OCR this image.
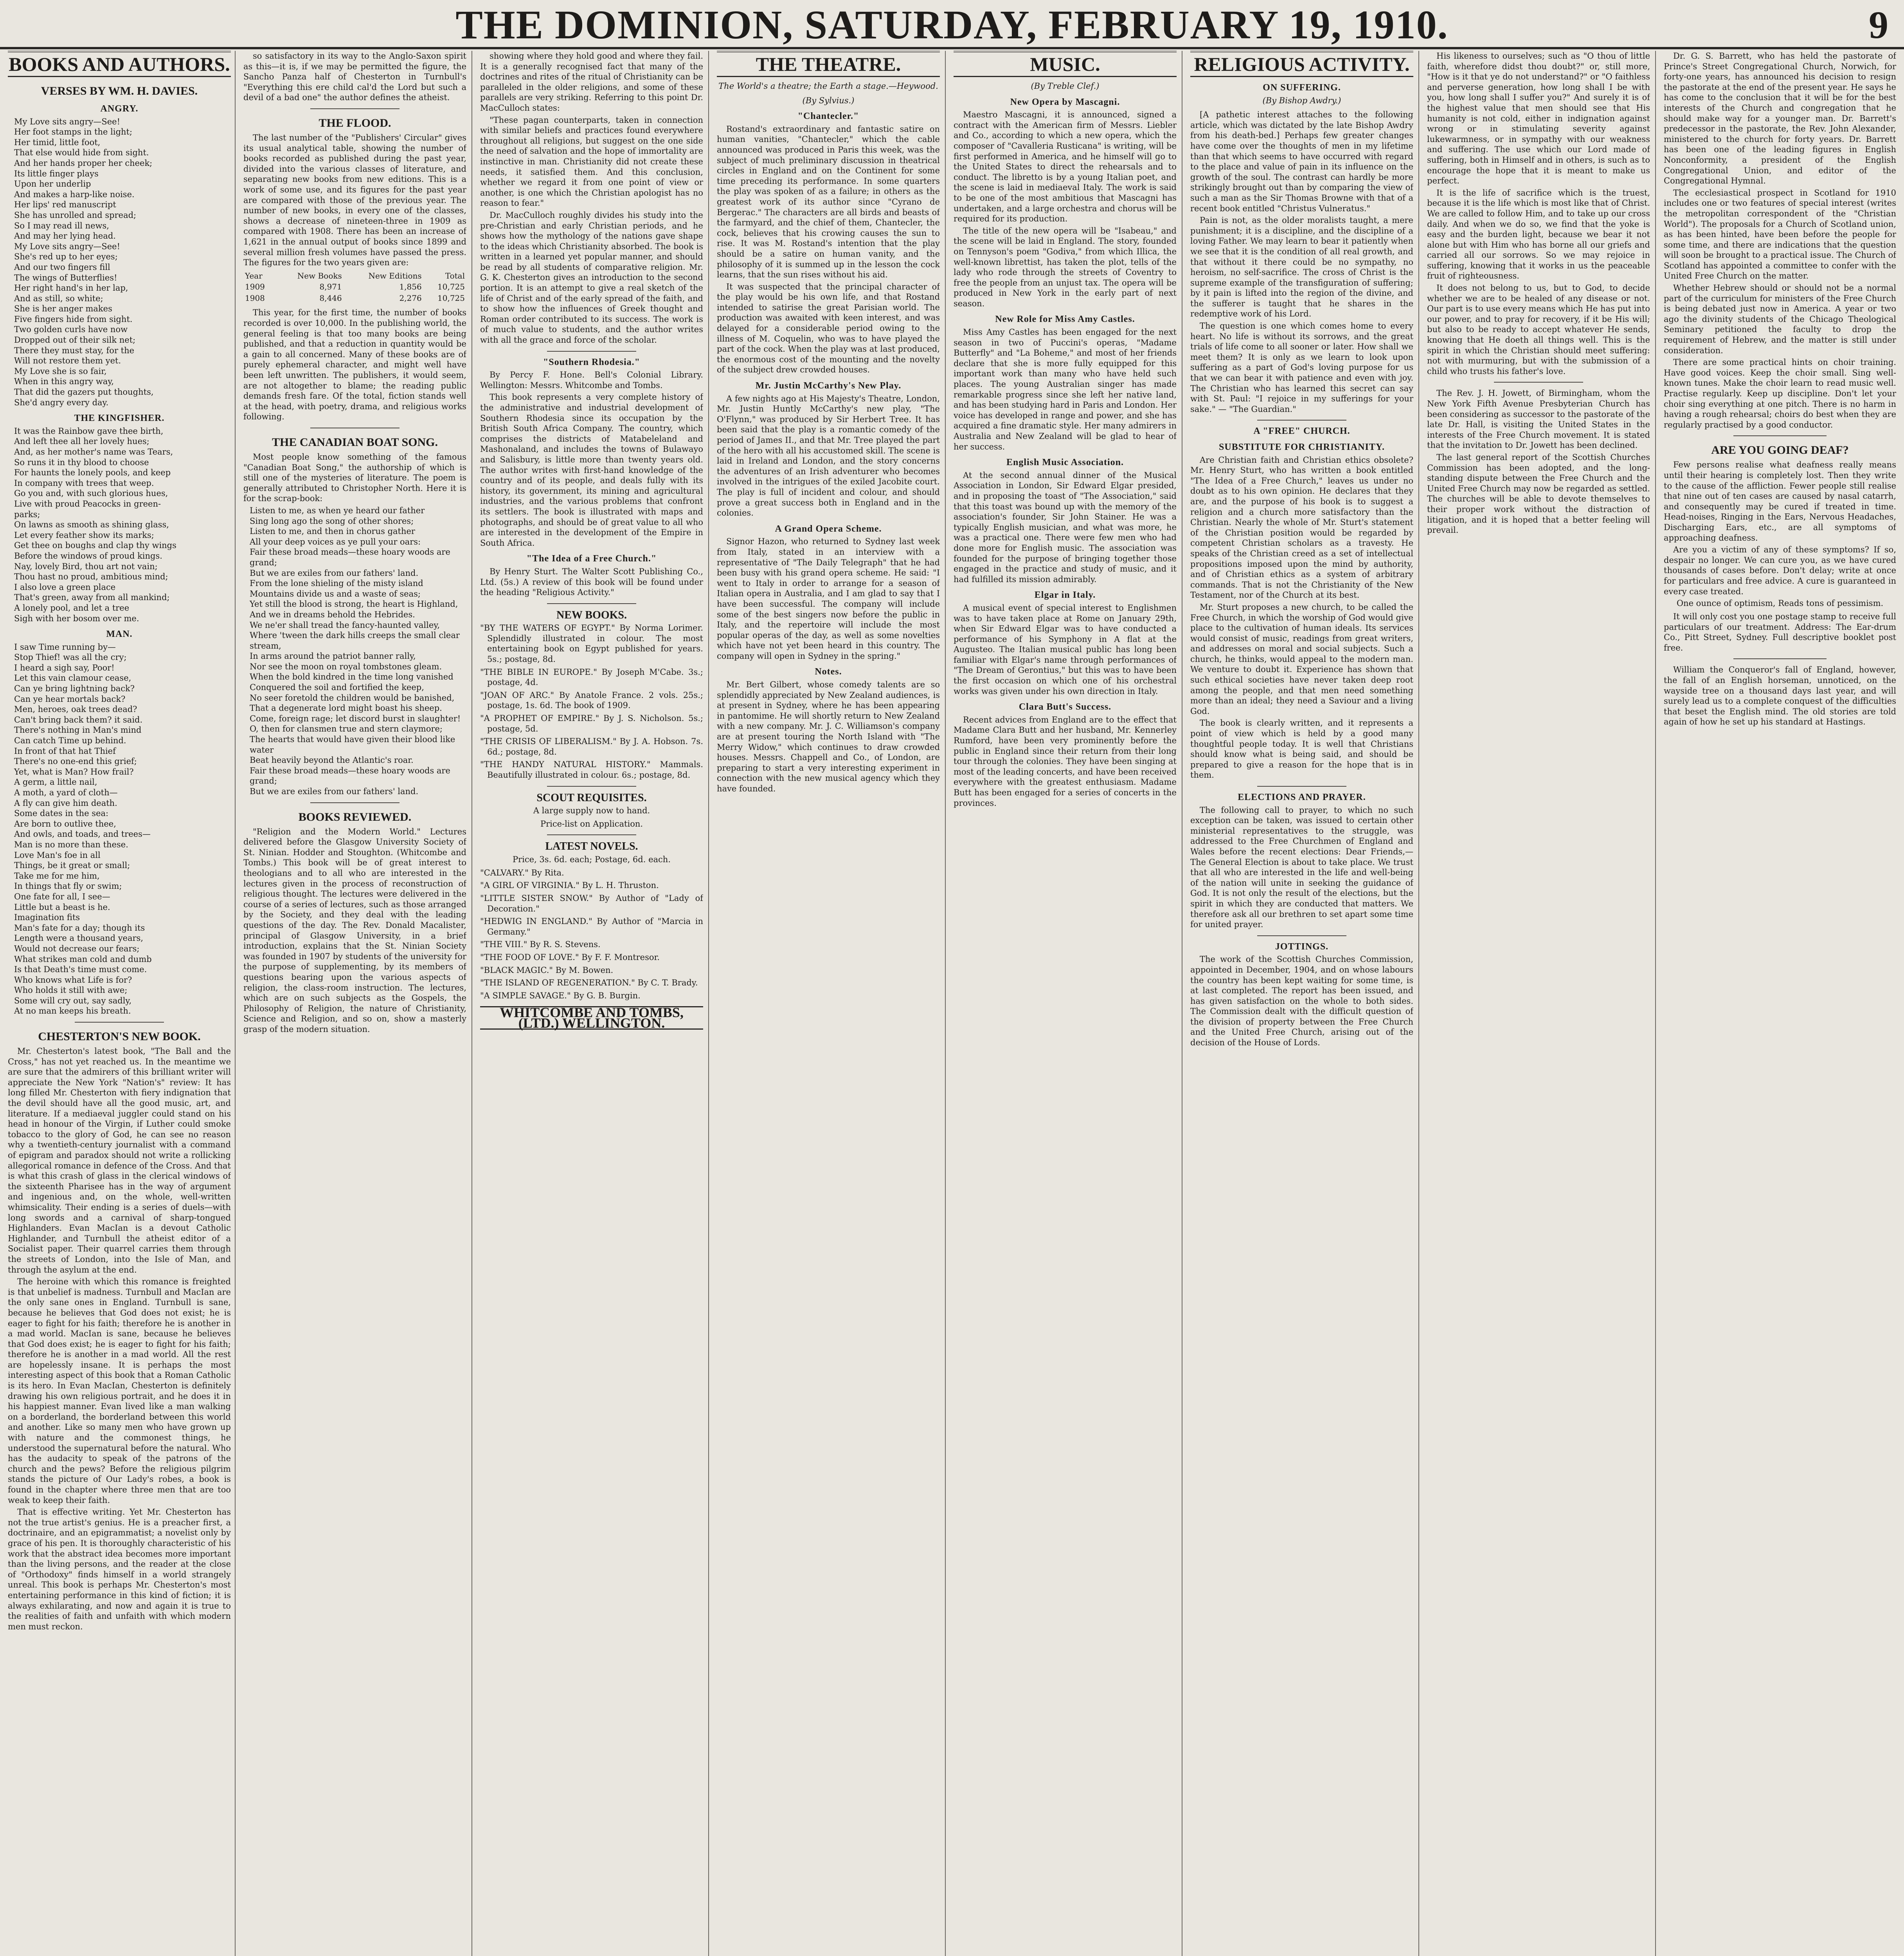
THE DOMINION, SATURDAY, FEBRUARY 19, 1910.	9
BOOKS AND AUTHORS.
VERSES BY WM. H. DAVIES.
ANGRY.
My Love sits angry—See!
Her foot stamps in the light;
Her timid, little foot,
That else would hide from sight.
And her hands proper her cheek;
Its little finger plays
Upon her underlip
And makes a harp-like noise.
Her lips' red manuscript
She has unrolled and spread;
So I may read ill news,
And may her lying head.
My Love sits angry—See!
She's red up to her eyes;
And our two fingers fill
The wings of Butterflies!
Her right hand's in her lap,
And as still, so white;
She is her anger makes
Five fingers hide from sight.
Two golden curls have now
Dropped out of their silk net;
There they must stay, for the
Will not restore them yet.
My Love she is so fair,
When in this angry way,
That did the gazers put thoughts,
She'd angry every day.
THE KINGFISHER.
It was the Rainbow gave thee birth,
And left thee all her lovely hues;
And, as her mother's name was Tears,
So runs it in thy blood to choose
For haunts the lonely pools, and keep
In company with trees that weep.
Go you and, with such glorious hues,
Live with proud Peacocks in green-
parks;
On lawns as smooth as shining glass,
Let every feather show its marks;
Get thee on boughs and clap thy wings
Before the windows of proud kings.
Nay, lovely Bird, thou art not vain;
Thou hast no proud, ambitious mind;
I also love a green place
That's green, away from all mankind;
A lonely pool, and let a tree
Sigh with her bosom over me.
MAN.
I saw Time running by—
Stop Thief! was all the cry;
I heard a sigh say, Poor!
Let this vain clamour cease,
Can ye bring lightning back?
Can ye hear mortals back?
Men, heroes, oak trees dead?
Can't bring back them? it said.
There's nothing in Man's mind
Can catch Time up behind.
In front of that hat Thief
There's no one-end this grief;
Yet, what is Man? How frail?
A germ, a little nail,
A moth, a yard of cloth—
A fly can give him death.
Some dates in the sea:
Are born to outlive thee,
And owls, and toads, and trees—
Man is no more than these.
Love Man's foe in all
Things, be it great or small;
Take me for me him,
In things that fly or swim;
One fate for all, I see—
Little but a beast is he.
Imagination fits
Man's fate for a day; though its
Length were a thousand years,
Would not decrease our fears;
What strikes man cold and dumb
Is that Death's time must come.
Who knows what Life is for?
Who holds it still with awe;
Some will cry out, say sadly,
At no man keeps his breath.
CHESTERTON'S NEW BOOK.

Mr. Chesterton's latest book, "The Ball and the Cross," has not yet reached us. In the meantime we are sure that the admirers of this brilliant writer will appreciate the New York "Nation's" review: It has long filled Mr. Chesterton with fiery indignation that the devil should have all the good music, art, and literature. If a mediaeval juggler could stand on his head in honour of the Virgin, if Luther could smoke tobacco to the glory of God, he can see no reason why a twentieth-century journalist with a command of epigram and paradox should not write a rollicking allegorical romance in defence of the Cross. And that is what this crash of glass in the clerical windows of the sixteenth Pharisee has in the way of argument and ingenious and, on the whole, well-written whimsicality. Their ending is a series of duels—with long swords and a carnival of sharp-tongued Highlanders. Evan MacIan is a devout Catholic Highlander, and Turnbull the atheist editor of a Socialist paper. Their quarrel carries them through the streets of London, into the Isle of Man, and through the asylum at the end.

The heroine with which this romance is freighted is that unbelief is madness. Turnbull and MacIan are the only sane ones in England. Turnbull is sane, because he believes that God does not exist; he is eager to fight for his faith; therefore he is another in a mad world. MacIan is sane, because he believes that God does exist; he is eager to fight for his faith; therefore he is another in a mad world. All the rest are hopelessly insane. It is perhaps the most interesting aspect of this book that a Roman Catholic is its hero. In Evan MacIan, Chesterton is definitely drawing his own religious portrait, and he does it in his happiest manner. Evan lived like a man walking on a borderland, the borderland between this world and another. Like so many men who have grown up with nature and the commonest things, he understood the supernatural before the natural. Who has the audacity to speak of the patrons of the church and the pews? Before the religious pilgrim stands the picture of Our Lady's robes, a book is found in the chapter where three men that are too weak to keep their faith.

That is effective writing. Yet Mr. Chesterton has not the true artist's genius. He is a preacher first, a doctrinaire, and an epigrammatist; a novelist only by grace of his pen. It is thoroughly characteristic of his work that the abstract idea becomes more important than the living persons, and the reader at the close of "Orthodoxy" finds himself in a world strangely unreal. This book is perhaps Mr. Chesterton's most entertaining performance in this kind of fiction; it is always exhilarating, and now and again it is true to the realities of faith and unfaith with which modern men must reckon.

so satisfactory in its way to the Anglo-Saxon spirit as this—it is, if we may be permitted the figure, the Sancho Panza half of Chesterton in Turnbull's "Everything this ere child cal'd the Lord but such a devil of a bad one" the author defines the atheist.

THE FLOOD.

The last number of the "Publishers' Circular" gives its usual analytical table, showing the number of books recorded as published during the past year, divided into the various classes of literature, and separating new books from new editions. This is a work of some use, and its figures for the past year are compared with those of the previous year. The number of new books, in every one of the classes, shows a decrease of nineteen-three in 1909 as compared with 1908. There has been an increase of 1,621 in the annual output of books since 1899 and several million fresh volumes have passed the press. The figures for the two years given are:

Year	New Books	New Editions	Total
1909	8,971	1,856	10,725
1908	8,446	2,276	10,725

This year, for the first time, the number of books recorded is over 10,000. In the publishing world, the general feeling is that too many books are being published, and that a reduction in quantity would be a gain to all concerned. Many of these books are of purely ephemeral character, and might well have been left unwritten. The publishers, it would seem, are not altogether to blame; the reading public demands fresh fare. Of the total, fiction stands well at the head, with poetry, drama, and religious works following.

THE CANADIAN BOAT SONG.

Most people know something of the famous "Canadian Boat Song," the authorship of which is still one of the mysteries of literature. The poem is generally attributed to Christopher North. Here it is for the scrap-book:

Listen to me, as when ye heard our father
Sing long ago the song of other shores;
Listen to me, and then in chorus gather
All your deep voices as ye pull your oars:
Fair these broad meads—these hoary woods are grand;
But we are exiles from our fathers' land.
From the lone shieling of the misty island
Mountains divide us and a waste of seas;
Yet still the blood is strong, the heart is Highland,
And we in dreams behold the Hebrides.
We ne'er shall tread the fancy-haunted valley,
Where 'tween the dark hills creeps the small clear stream,
In arms around the patriot banner rally,
Nor see the moon on royal tombstones gleam.
When the bold kindred in the time long vanished
Conquered the soil and fortified the keep,
No seer foretold the children would be banished,
That a degenerate lord might boast his sheep.
Come, foreign rage; let discord burst in slaughter!
O, then for clansmen true and stern claymore;
The hearts that would have given their blood like water
Beat heavily beyond the Atlantic's roar.
Fair these broad meads—these hoary woods are grand;
But we are exiles from our fathers' land.
BOOKS REVIEWED.

"Religion and the Modern World." Lectures delivered before the Glasgow University Society of St. Ninian. Hodder and Stoughton. (Whitcombe and Tombs.) This book will be of great interest to theologians and to all who are interested in the lectures given in the process of reconstruction of religious thought. The lectures were delivered in the course of a series of lectures, such as those arranged by the Society, and they deal with the leading questions of the day. The Rev. Donald Macalister, principal of Glasgow University, in a brief introduction, explains that the St. Ninian Society was founded in 1907 by students of the university for the purpose of supplementing, by its members of questions bearing upon the various aspects of religion, the class-room instruction. The lectures, which are on such subjects as the Gospels, the Philosophy of Religion, the nature of Christianity, Science and Religion, and so on, show a masterly grasp of the modern situation.

showing where they hold good and where they fail. It is a generally recognised fact that many of the doctrines and rites of the ritual of Christianity can be paralleled in the older religions, and some of these parallels are very striking. Referring to this point Dr. MacCulloch states:

"These pagan counterparts, taken in connection with similar beliefs and practices found everywhere throughout all religions, but suggest on the one side the need of salvation and the hope of immortality are instinctive in man. Christianity did not create these needs, it satisfied them. And this conclusion, whether we regard it from one point of view or another, is one which the Christian apologist has no reason to fear."

Dr. MacCulloch roughly divides his study into the pre-Christian and early Christian periods, and he shows how the mythology of the nations gave shape to the ideas which Christianity absorbed. The book is written in a learned yet popular manner, and should be read by all students of comparative religion. Mr. G. K. Chesterton gives an introduction to the second portion. It is an attempt to give a real sketch of the life of Christ and of the early spread of the faith, and to show how the influences of Greek thought and Roman order contributed to its success. The work is of much value to students, and the author writes with all the grace and force of the scholar.

"Southern Rhodesia."

By Percy F. Hone. Bell's Colonial Library. Wellington: Messrs. Whitcombe and Tombs.

This book represents a very complete history of the administrative and industrial development of Southern Rhodesia since its occupation by the British South Africa Company. The country, which comprises the districts of Matabeleland and Mashonaland, and includes the towns of Bulawayo and Salisbury, is little more than twenty years old. The author writes with first-hand knowledge of the country and of its people, and deals fully with its history, its government, its mining and agricultural industries, and the various problems that confront its settlers. The book is illustrated with maps and photographs, and should be of great value to all who are interested in the development of the Empire in South Africa.

"The Idea of a Free Church."

By Henry Sturt. The Walter Scott Publishing Co., Ltd. (5s.) A review of this book will be found under the heading "Religious Activity."

NEW BOOKS.

"BY THE WATERS OF EGYPT." By Norma Lorimer. Splendidly illustrated in colour. The most entertaining book on Egypt published for years. 5s.; postage, 8d.

"THE BIBLE IN EUROPE." By Joseph M'Cabe. 3s.; postage, 4d.

"JOAN OF ARC." By Anatole France. 2 vols. 25s.; postage, 1s. 6d. The book of 1909.

"A PROPHET OF EMPIRE." By J. S. Nicholson. 5s.; postage, 5d.

"THE CRISIS OF LIBERALISM." By J. A. Hobson. 7s. 6d.; postage, 8d.

"THE HANDY NATURAL HISTORY." Mammals. Beautifully illustrated in colour. 6s.; postage, 8d.

SCOUT REQUISITES.
A large supply now to hand.
Price-list on Application.
LATEST NOVELS.
Price, 3s. 6d. each; Postage, 6d. each.

"CALVARY." By Rita.

"A GIRL OF VIRGINIA." By L. H. Thruston.

"LITTLE SISTER SNOW." By Author of "Lady of Decoration."

"HEDWIG IN ENGLAND." By Author of "Marcia in Germany."

"THE VIII." By R. S. Stevens.

"THE FOOD OF LOVE." By F. F. Montresor.

"BLACK MAGIC." By M. Bowen.

"THE ISLAND OF REGENERATION." By C. T. Brady.

"A SIMPLE SAVAGE." By G. B. Burgin.

WHITCOMBE AND TOMBS, (LTD.) WELLINGTON.
THE THEATRE.
The World's a theatre; the Earth a stage.—Heywood.
(By Sylvius.)
"Chantecler."

Rostand's extraordinary and fantastic satire on human vanities, "Chantecler," which the cable announced was produced in Paris this week, was the subject of much preliminary discussion in theatrical circles in England and on the Continent for some time preceding its performance. In some quarters the play was spoken of as a failure; in others as the greatest work of its author since "Cyrano de Bergerac." The characters are all birds and beasts of the farmyard, and the chief of them, Chantecler, the cock, believes that his crowing causes the sun to rise. It was M. Rostand's intention that the play should be a satire on human vanity, and the philosophy of it is summed up in the lesson the cock learns, that the sun rises without his aid.

It was suspected that the principal character of the play would be his own life, and that Rostand intended to satirise the great Parisian world. The production was awaited with keen interest, and was delayed for a considerable period owing to the illness of M. Coquelin, who was to have played the part of the cock. When the play was at last produced, the enormous cost of the mounting and the novelty of the subject drew crowded houses.

Mr. Justin McCarthy's New Play.

A few nights ago at His Majesty's Theatre, London, Mr. Justin Huntly McCarthy's new play, "The O'Flynn," was produced by Sir Herbert Tree. It has been said that the play is a romantic comedy of the period of James II., and that Mr. Tree played the part of the hero with all his accustomed skill. The scene is laid in Ireland and London, and the story concerns the adventures of an Irish adventurer who becomes involved in the intrigues of the exiled Jacobite court. The play is full of incident and colour, and should prove a great success both in England and in the colonies.

A Grand Opera Scheme.

Signor Hazon, who returned to Sydney last week from Italy, stated in an interview with a representative of "The Daily Telegraph" that he had been busy with his grand opera scheme. He said: "I went to Italy in order to arrange for a season of Italian opera in Australia, and I am glad to say that I have been successful. The company will include some of the best singers now before the public in Italy, and the repertoire will include the most popular operas of the day, as well as some novelties which have not yet been heard in this country. The company will open in Sydney in the spring."

Notes.

Mr. Bert Gilbert, whose comedy talents are so splendidly appreciated by New Zealand audiences, is at present in Sydney, where he has been appearing in pantomime. He will shortly return to New Zealand with a new company. Mr. J. C. Williamson's company are at present touring the North Island with "The Merry Widow," which continues to draw crowded houses. Messrs. Chappell and Co., of London, are preparing to start a very interesting experiment in connection with the new musical agency which they have founded.

MUSIC.
(By Treble Clef.)
New Opera by Mascagni.

Maestro Mascagni, it is announced, signed a contract with the American firm of Messrs. Liebler and Co., according to which a new opera, which the composer of "Cavalleria Rusticana" is writing, will be first performed in America, and he himself will go to the United States to direct the rehearsals and to conduct. The libretto is by a young Italian poet, and the scene is laid in mediaeval Italy. The work is said to be one of the most ambitious that Mascagni has undertaken, and a large orchestra and chorus will be required for its production.

The title of the new opera will be "Isabeau," and the scene will be laid in England. The story, founded on Tennyson's poem "Godiva," from which Illica, the well-known librettist, has taken the plot, tells of the lady who rode through the streets of Coventry to free the people from an unjust tax. The opera will be produced in New York in the early part of next season.

New Role for Miss Amy Castles.

Miss Amy Castles has been engaged for the next season in two of Puccini's operas, "Madame Butterfly" and "La Boheme," and most of her friends declare that she is more fully equipped for this important work than many who have held such places. The young Australian singer has made remarkable progress since she left her native land, and has been studying hard in Paris and London. Her voice has developed in range and power, and she has acquired a fine dramatic style. Her many admirers in Australia and New Zealand will be glad to hear of her success.

English Music Association.

At the second annual dinner of the Musical Association in London, Sir Edward Elgar presided, and in proposing the toast of "The Association," said that this toast was bound up with the memory of the association's founder, Sir John Stainer. He was a typically English musician, and what was more, he was a practical one. There were few men who had done more for English music. The association was founded for the purpose of bringing together those engaged in the practice and study of music, and it had fulfilled its mission admirably.

Elgar in Italy.

A musical event of special interest to Englishmen was to have taken place at Rome on January 29th, when Sir Edward Elgar was to have conducted a performance of his Symphony in A flat at the Augusteo. The Italian musical public has long been familiar with Elgar's name through performances of "The Dream of Gerontius," but this was to have been the first occasion on which one of his orchestral works was given under his own direction in Italy.

Clara Butt's Success.

Recent advices from England are to the effect that Madame Clara Butt and her husband, Mr. Kennerley Rumford, have been very prominently before the public in England since their return from their long tour through the colonies. They have been singing at most of the leading concerts, and have been received everywhere with the greatest enthusiasm. Madame Butt has been engaged for a series of concerts in the provinces.

RELIGIOUS ACTIVITY.
ON SUFFERING.
(By Bishop Awdry.)

[A pathetic interest attaches to the following article, which was dictated by the late Bishop Awdry from his death-bed.] Perhaps few greater changes have come over the thoughts of men in my lifetime than that which seems to have occurred with regard to the place and value of pain in its influence on the growth of the soul. The contrast can hardly be more strikingly brought out than by comparing the view of such a man as the Sir Thomas Browne with that of a recent book entitled "Christus Vulneratus."

Pain is not, as the older moralists taught, a mere punishment; it is a discipline, and the discipline of a loving Father. We may learn to bear it patiently when we see that it is the condition of all real growth, and that without it there could be no sympathy, no heroism, no self-sacrifice. The cross of Christ is the supreme example of the transfiguration of suffering; by it pain is lifted into the region of the divine, and the sufferer is taught that he shares in the redemptive work of his Lord.

The question is one which comes home to every heart. No life is without its sorrows, and the great trials of life come to all sooner or later. How shall we meet them? It is only as we learn to look upon suffering as a part of God's loving purpose for us that we can bear it with patience and even with joy. The Christian who has learned this secret can say with St. Paul: "I rejoice in my sufferings for your sake." — "The Guardian."

A "FREE" CHURCH.
SUBSTITUTE FOR CHRISTIANITY.

Are Christian faith and Christian ethics obsolete? Mr. Henry Sturt, who has written a book entitled "The Idea of a Free Church," leaves us under no doubt as to his own opinion. He declares that they are, and the purpose of his book is to suggest a religion and a church more satisfactory than the Christian. Nearly the whole of Mr. Sturt's statement of the Christian position would be regarded by competent Christian scholars as a travesty. He speaks of the Christian creed as a set of intellectual propositions imposed upon the mind by authority, and of Christian ethics as a system of arbitrary commands. That is not the Christianity of the New Testament, nor of the Church at its best.

Mr. Sturt proposes a new church, to be called the Free Church, in which the worship of God would give place to the cultivation of human ideals. Its services would consist of music, readings from great writers, and addresses on moral and social subjects. Such a church, he thinks, would appeal to the modern man. We venture to doubt it. Experience has shown that such ethical societies have never taken deep root among the people, and that men need something more than an ideal; they need a Saviour and a living God.

The book is clearly written, and it represents a point of view which is held by a good many thoughtful people today. It is well that Christians should know what is being said, and should be prepared to give a reason for the hope that is in them.

ELECTIONS AND PRAYER.

The following call to prayer, to which no such exception can be taken, was issued to certain other ministerial representatives to the struggle, was addressed to the Free Churchmen of England and Wales before the recent elections: Dear Friends,—The General Election is about to take place. We trust that all who are interested in the life and well-being of the nation will unite in seeking the guidance of God. It is not only the result of the elections, but the spirit in which they are conducted that matters. We therefore ask all our brethren to set apart some time for united prayer.

JOTTINGS.

The work of the Scottish Churches Commission, appointed in December, 1904, and on whose labours the country has been kept waiting for some time, is at last completed. The report has been issued, and has given satisfaction on the whole to both sides. The Commission dealt with the difficult question of the division of property between the Free Church and the United Free Church, arising out of the decision of the House of Lords.

His likeness to ourselves; such as "O thou of little faith, wherefore didst thou doubt?" or, still more, "How is it that ye do not understand?" or "O faithless and perverse generation, how long shall I be with you, how long shall I suffer you?" And surely it is of the highest value that men should see that His humanity is not cold, either in indignation against wrong or in stimulating severity against lukewarmness, or in sympathy with our weakness and suffering. The use which our Lord made of suffering, both in Himself and in others, is such as to encourage the hope that it is meant to make us perfect.

It is the life of sacrifice which is the truest, because it is the life which is most like that of Christ. We are called to follow Him, and to take up our cross daily. And when we do so, we find that the yoke is easy and the burden light, because we bear it not alone but with Him who has borne all our griefs and carried all our sorrows. So we may rejoice in suffering, knowing that it works in us the peaceable fruit of righteousness.

It does not belong to us, but to God, to decide whether we are to be healed of any disease or not. Our part is to use every means which He has put into our power, and to pray for recovery, if it be His will; but also to be ready to accept whatever He sends, knowing that He doeth all things well. This is the spirit in which the Christian should meet suffering: not with murmuring, but with the submission of a child who trusts his father's love.

The Rev. J. H. Jowett, of Birmingham, whom the New York Fifth Avenue Presbyterian Church has been considering as successor to the pastorate of the late Dr. Hall, is visiting the United States in the interests of the Free Church movement. It is stated that the invitation to Dr. Jowett has been declined.

The last general report of the Scottish Churches Commission has been adopted, and the long-standing dispute between the Free Church and the United Free Church may now be regarded as settled. The churches will be able to devote themselves to their proper work without the distraction of litigation, and it is hoped that a better feeling will prevail.

Dr. G. S. Barrett, who has held the pastorate of Prince's Street Congregational Church, Norwich, for forty-one years, has announced his decision to resign the pastorate at the end of the present year. He says he has come to the conclusion that it will be for the best interests of the Church and congregation that he should make way for a younger man. Dr. Barrett's predecessor in the pastorate, the Rev. John Alexander, ministered to the church for forty years. Dr. Barrett has been one of the leading figures in English Nonconformity, a president of the English Congregational Union, and editor of the Congregational Hymnal.

The ecclesiastical prospect in Scotland for 1910 includes one or two features of special interest (writes the metropolitan correspondent of the "Christian World"). The proposals for a Church of Scotland union, as has been hinted, have been before the people for some time, and there are indications that the question will soon be brought to a practical issue. The Church of Scotland has appointed a committee to confer with the United Free Church on the matter.

Whether Hebrew should or should not be a normal part of the curriculum for ministers of the Free Church is being debated just now in America. A year or two ago the divinity students of the Chicago Theological Seminary petitioned the faculty to drop the requirement of Hebrew, and the matter is still under consideration.

There are some practical hints on choir training. Have good voices. Keep the choir small. Sing well-known tunes. Make the choir learn to read music well. Practise regularly. Keep up discipline. Don't let your choir sing everything at one pitch. There is no harm in having a rough rehearsal; choirs do best when they are regularly practised by a good conductor.

ARE YOU GOING DEAF?

Few persons realise what deafness really means until their hearing is completely lost. Then they write to the cause of the affliction. Fewer people still realise that nine out of ten cases are caused by nasal catarrh, and consequently may be cured if treated in time. Head-noises, Ringing in the Ears, Nervous Headaches, Discharging Ears, etc., are all symptoms of approaching deafness.

Are you a victim of any of these symptoms? If so, despair no longer. We can cure you, as we have cured thousands of cases before. Don't delay; write at once for particulars and free advice. A cure is guaranteed in every case treated.

One ounce of optimism, Reads tons of pessimism.

It will only cost you one postage stamp to receive full particulars of our treatment. Address: The Ear-drum Co., Pitt Street, Sydney. Full descriptive booklet post free.

William the Conqueror's fall of England, however, the fall of an English horseman, unnoticed, on the wayside tree on a thousand days last year, and will surely lead us to a complete conquest of the difficulties that beset the English mind. The old stories are told again of how he set up his standard at Hastings.
